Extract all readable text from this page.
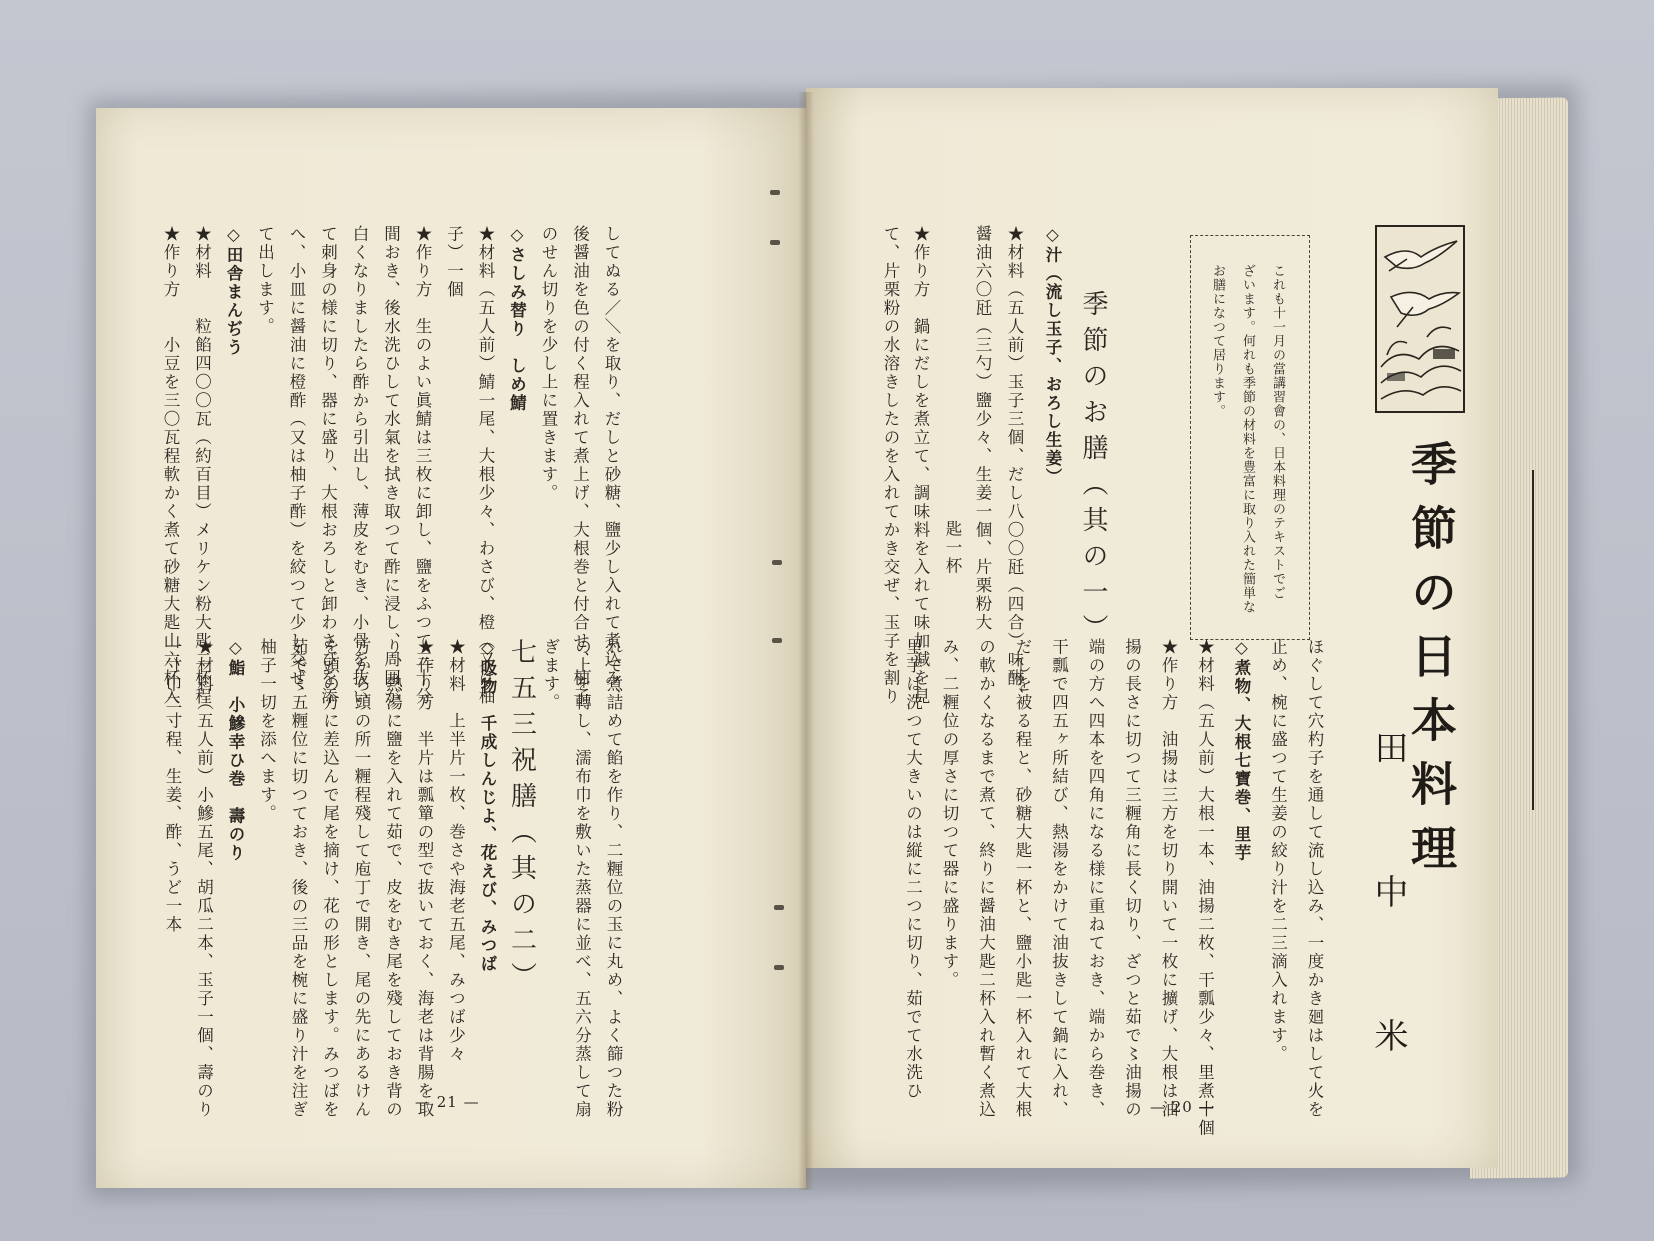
★作り方　　小豆を三〇瓦程軟かく煮て砂糖大匙山六杯入 ★材料　　粒餡四〇〇瓦（約百目）メリケン粉大匙二杯程 ◇田舎まんぢう て出します。 へ、小皿に醤油に橙酢（又は柚子酢）を絞つて少し交ぜ て刺身の様に切り、器に盛り、大根おろしと卸わさびを添 白くなりましたら酢から引出し、薄皮をむき、小骨を抜い 間おき、後水洗ひして水氣を拭き取つて酢に浸し、周囲が ★作り方　生のよい眞鯖は三枚に卸し、鹽をふつて三十分 子）一個 ★材料（五人前）鯖一尾、大根少々、わさび、橙（又は柚 ◇さしみ替り　しめ鯖 のせん切りを少し上に置きます。 後醤油を色の付く程入れて煮上げ、大根巻と付合せ、柚子 してぬる／＼を取り、だしと砂糖、鹽少し入れて煮込み、
一寸巾二寸程、生姜、酢、うど一本 ★材料（五人前）小鰺五尾、胡瓜二本、玉子一個、壽のり ◇鮨　小鰺幸ひ巻　壽のり 柚子一切を添へます。 茹で〻五糎位に切つておき、後の三品を椀に盛り汁を注ぎ を頭の方に差込んで尾を摘け、花の形とします。みつばを 方から頭の所一糎程殘して庖丁で開き、尾の先にあるけん り、熱湯に鹽を入れて茹で、皮をむき尾を殘しておき背の ★作り方　半片は瓢簞の型で抜いておく、海老は背腸を取 ★材料　上半片一枚、巻さや海老五尾、みつば少々 ◇吸物　千成しんじよ、花えび、みつば 七五三祝膳（其の二） ぎます。 の上を轉し、濡布巾を敷いた蒸器に並べ、五六分蒸して扇 れて煮詰めて餡を作り、二糎位の玉に丸め、よく篩つた粉
季節のお膳（其の一）
◇汁（流し玉子、おろし生姜）
★材料（五人前）玉子三個、だし八〇〇瓩（四合）味醂、
醤油六〇瓩（三勺）鹽少々、生姜一個、片栗粉大
匙一杯
★作り方　鍋にだしを煮立て、調味料を入れて味加減を見
て、片栗粉の水溶きしたのを入れてかき交ぜ、玉子を割り
ほぐして穴杓子を通して流し込み、一度かき廻はして火を
止め、椀に盛つて生姜の絞り汁を二三滴入れます。
◇煮物、大根七寶巻、里芋
★材料（五人前）大根一本、油揚二枚、干瓢少々、里煮十個
★作り方　油揚は三方を切り開いて一枚に擴げ、大根は油
揚の長さに切つて三糎角に長く切り、ざつと茹で〻油揚の
端の方へ四本を四角になる様に重ねておき、端から巻き、
干瓢で四五ヶ所結び、熱湯をかけて油抜きして鍋に入れ、
だしを被る程と、砂糖大匙一杯と、鹽小匙一杯入れて大根
の軟かくなるまで煮て、終りに醤油大匙二杯入れ暫く煮込
み、二糎位の厚さに切つて器に盛ります。
里芋は洗つて大きいのは縦に二つに切り、茹でて水洗ひ
これも十一月の當講習會の、日本料理のテキストでご
ざいます。何れも季節の材料を豊富に取り入れた簡単な
お膳になつて居ります。
季節の日本料理
田中米
— 21 —	— 20 —
